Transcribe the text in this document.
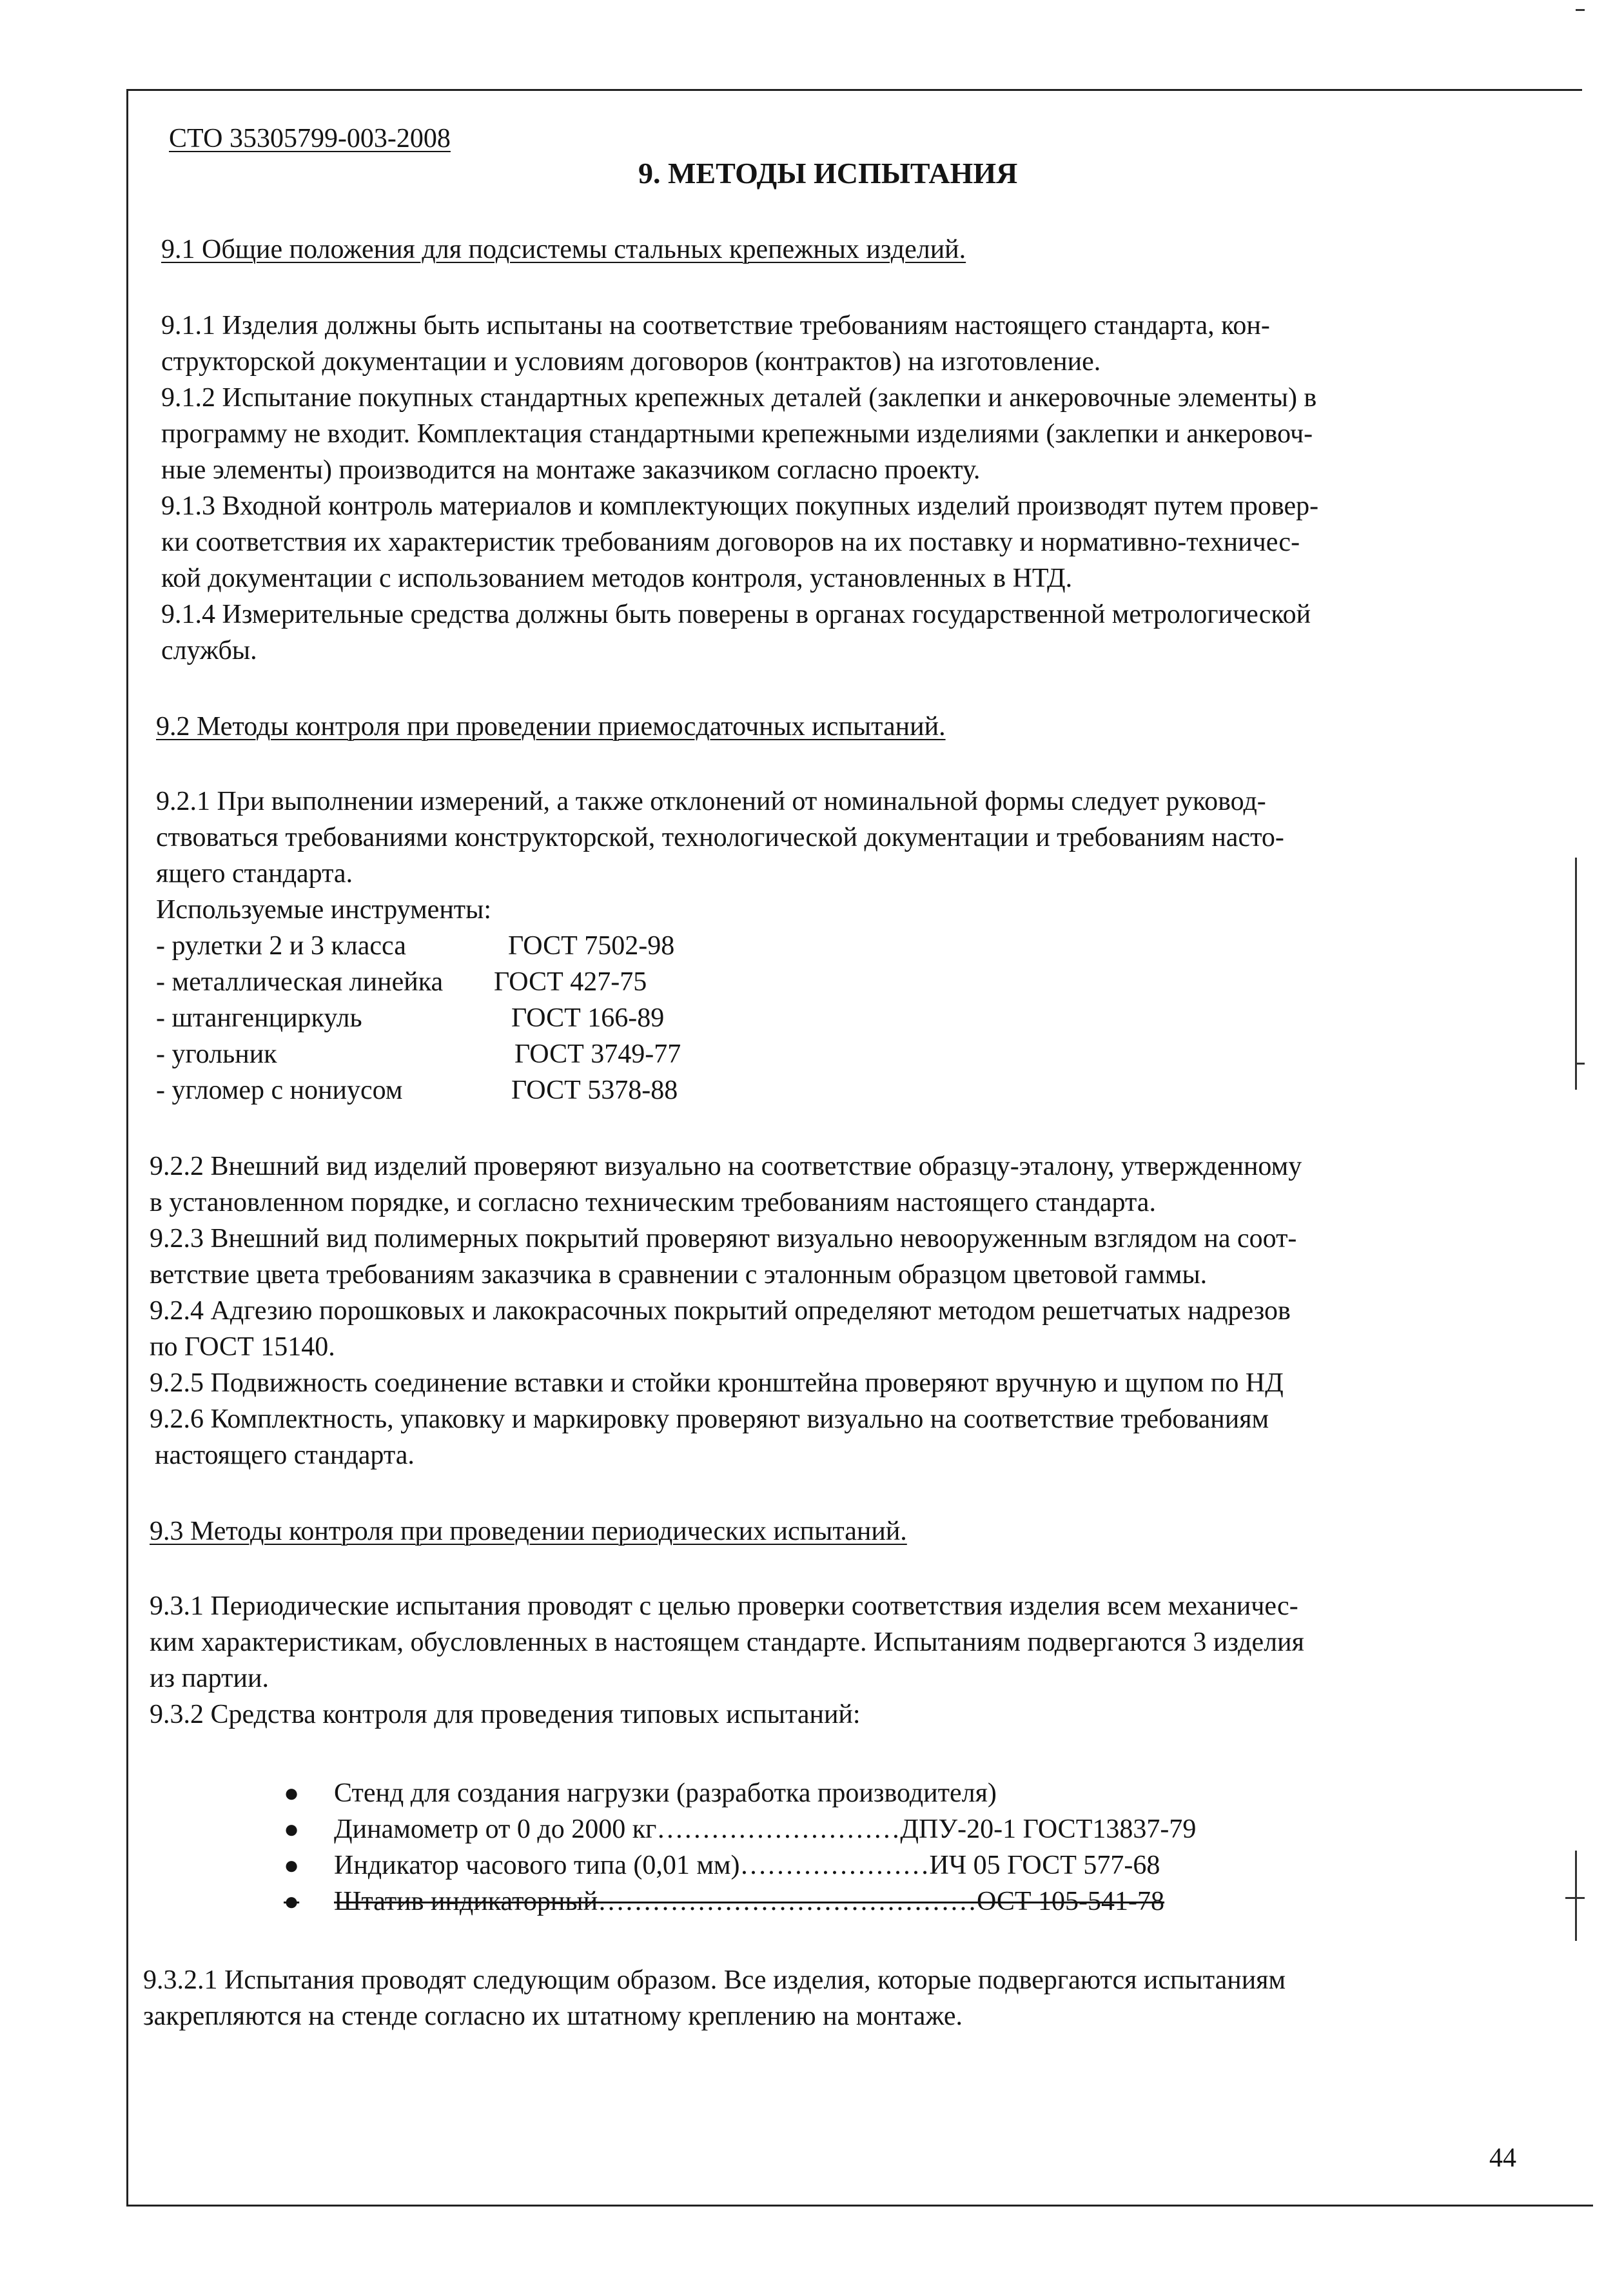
СТО 35305799-003-2008

9. МЕТОДЫ ИСПЫТАНИЯ

9.1 Общие положения для подсистемы стальных крепежных изделий.

9.1.1 Изделия должны быть испытаны на соответствие требованиям настоящего стандарта, кон-

структорской документации и условиям договоров (контрактов) на изготовление.

9.1.2 Испытание покупных стандартных крепежных деталей (заклепки и анкеровочные элементы) в

программу не входит. Комплектация стандартными крепежными изделиями (заклепки и анкеровоч-

ные элементы) производится на монтаже заказчиком согласно проекту.

9.1.3 Входной контроль материалов и комплектующих покупных изделий производят путем провер-

ки соответствия их характеристик требованиям договоров на их поставку и нормативно-техничес-

кой документации с использованием методов контроля, установленных в НТД.

9.1.4 Измерительные средства должны быть поверены в органах государственной метрологической

службы.

9.2 Методы контроля при проведении приемосдаточных испытаний.

9.2.1 При выполнении измерений, а также отклонений от номинальной формы следует руковод-

ствоваться требованиями конструкторской, технологической документации и требованиям насто-

ящего стандарта.

Используемые инструменты:

- рулетки 2 и 3 класса	ГОСТ 7502-98

- металлическая линейка ГОСТ 427-75

- штангенциркуль	ГОСТ 166-89

- угольник	ГОСТ 3749-77

- угломер с нониусом	ГОСТ 5378-88

9.2.2 Внешний вид изделий проверяют визуально на соответствие образцу-эталону, утвержденному

в установленном порядке, и согласно техническим требованиям настоящего стандарта.

9.2.3 Внешний вид полимерных покрытий проверяют визуально невооруженным взглядом на соот-

ветствие цвета требованиям заказчика в сравнении с эталонным образцом цветовой гаммы.

9.2.4 Адгезию порошковых и лакокрасочных покрытий определяют методом решетчатых надрезов

по ГОСТ 15140.

9.2.5 Подвижность соединение вставки и стойки кронштейна проверяют вручную и щупом по НД

9.2.6 Комплектность, упаковку и маркировку проверяют визуально на соответствие требованиям

настоящего стандарта.

9.3 Методы контроля при проведении периодических испытаний.

9.3.1 Периодические испытания проводят с целью проверки соответствия изделия всем механичес-

ким характеристикам, обусловленных в настоящем стандарте. Испытаниям подвергаются 3 изделия

из партии.

9.3.2 Средства контроля для проведения типовых испытаний:

● Стенд для создания нагрузки (разработка производителя)

● Динамометр от 0 до 2000 кг………………………ДПУ-20-1 ГОСТ13837-79

● Индикатор часового типа (0,01 мм)…………………ИЧ 05 ГОСТ 577-68

● Штатив индикаторный……………………………………ОСТ 105-541-78

9.3.2.1 Испытания проводят следующим образом. Все изделия, которые подвергаются испытаниям

закрепляются на стенде согласно их штатному креплению на монтаже.

44
